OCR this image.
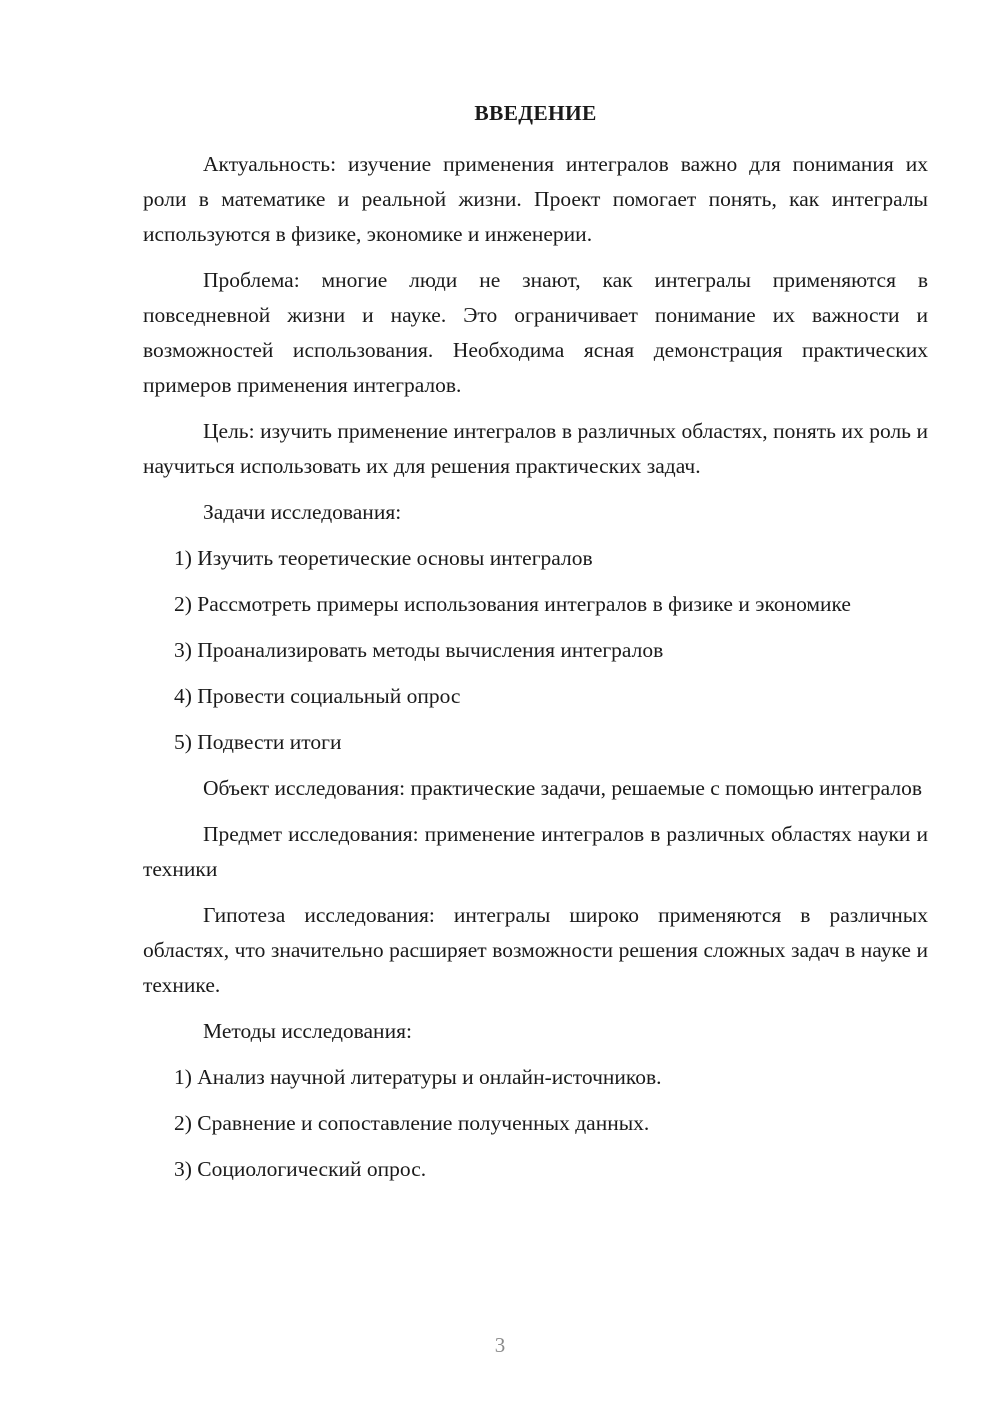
ВВЕДЕНИЕ

Актуальность: изучение применения интегралов важно для понимания их роли в математике и реальной жизни. Проект помогает понять, как интегралы используются в физике, экономике и инженерии.

Проблема: многие люди не знают, как интегралы применяются в повседневной жизни и науке. Это ограничивает понимание их важности и возможностей использования. Необходима ясная демонстрация практических примеров применения интегралов.

Цель: изучить применение интегралов в различных областях, понять их роль и научиться использовать их для решения практических задач.

Задачи исследования:

1) Изучить теоретические основы интегралов

2) Рассмотреть примеры использования интегралов в физике и экономике

3) Проанализировать методы вычисления интегралов

4) Провести социальный опрос

5) Подвести итоги

Объект исследования: практические задачи, решаемые с помощью интегралов

Предмет исследования: применение интегралов в различных областях науки и техники

Гипотеза исследования: интегралы широко применяются в различных областях, что значительно расширяет возможности решения сложных задач в науке и технике.

Методы исследования:

1) Анализ научной литературы и онлайн-источников.

2) Сравнение и сопоставление полученных данных.

3) Социологический опрос.

3
